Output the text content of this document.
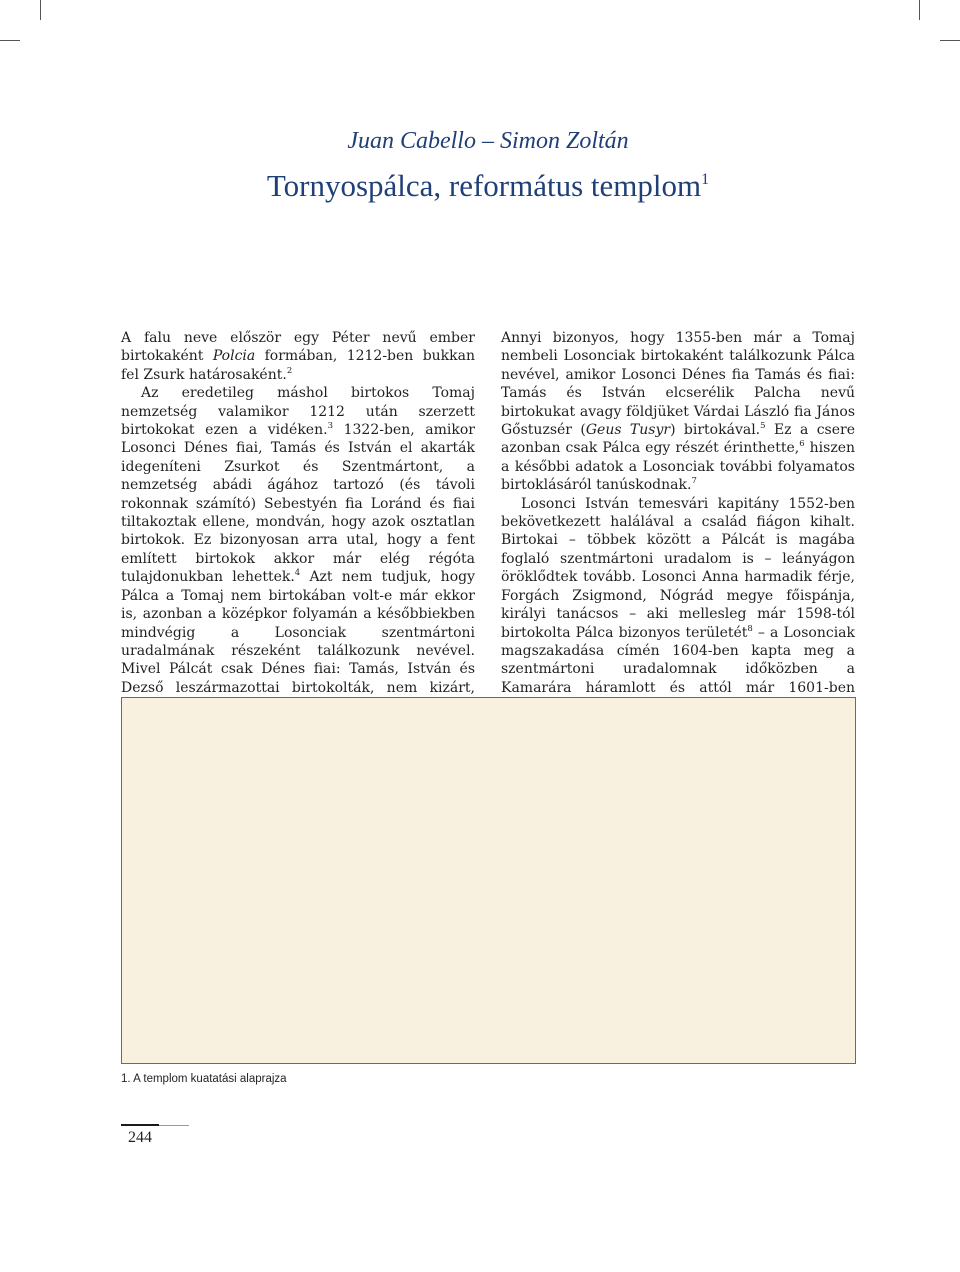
Juan Cabello – Simon Zoltán
Tornyospálca, református templom$^1$

A falu neve először egy Péter nevű ember birtokaként Polcia formában, 1212-ben bukkan fel Zsurk határosaként.$^2$

Az eredetileg máshol birtokos Tomaj nemzetség valamikor 1212 után szerzett birtokokat ezen a vidéken.$^3$ 1322-ben, amikor Losonci Dénes fiai, Tamás és István el akarták idegeníteni Zsurkot és Szentmártont, a nemzetség abádi ágához tartozó (és távoli rokonnak számító) Sebestyén fia Loránd és fiai tiltakoztak ellene, mondván, hogy azok osztatlan birtokok. Ez bizonyosan arra utal, hogy a fent említett birtokok akkor már elég régóta tulajdonukban lehettek.$^4$ Azt nem tudjuk, hogy Pálca a Tomaj nem birtokában volt-e már ekkor is, azonban a középkor folyamán a későbbiekben mindvégig a Losonciak szentmártoni uradalmának részeként találkozunk nevével. Mivel Pálcát csak Dénes fiai: Tamás, István és Dezső leszármazottai birtokolták, nem kizárt,

Annyi bizonyos, hogy 1355-ben már a Tomaj nembeli Losonciak birtokaként találkozunk Pálca nevével, amikor Losonci Dénes fia Tamás és fiai: Tamás és István elcserélik Palcha nevű birtokukat avagy földjüket Várdai László fia János Gőstuzsér (Geus Tusyr) birtokával.$^5$ Ez a csere azonban csak Pálca egy részét érinthette,$^6$ hiszen a későbbi adatok a Losonciak további folyamatos birtoklásáról tanúskodnak.$^7$

Losonci István temesvári kapitány 1552-ben bekövetkezett halálával a család fiágon kihalt. Birtokai – többek között a Pálcát is magába foglaló szentmártoni uradalom is – leányágon öröklődtek tovább. Losonci Anna harmadik férje, Forgách Zsigmond, Nógrád megye főispánja, királyi tanácsos – aki mellesleg már 1598-tól birtokolta Pálca bizonyos területét$^8$ – a Losonciak magszakadása címén 1604-ben kapta meg a szentmártoni uradalomnak időközben a Kamarára háramlott és attól már 1601-ben

1. A templom kuatatási alaprajza
244
